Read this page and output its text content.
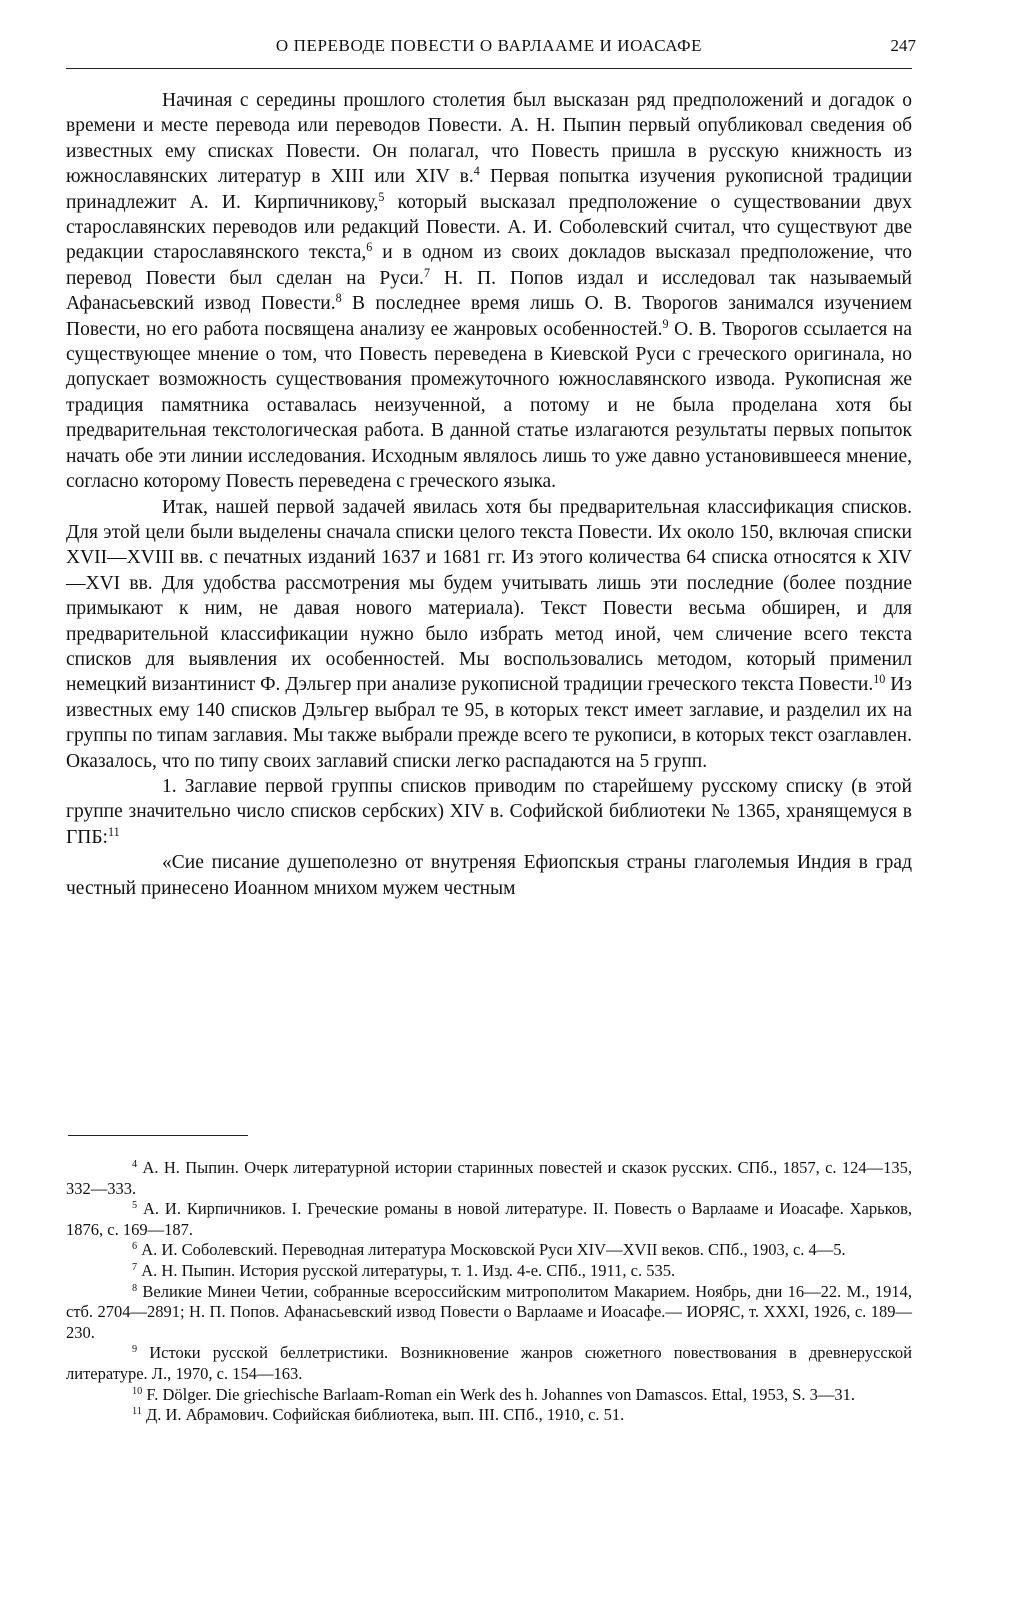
О ПЕРЕВОДЕ ПОВЕСТИ О ВАРЛААМЕ И ИОАСАФЕ	247

Начиная с середины прошлого столетия был высказан ряд предположений и догадок о времени и месте перевода или переводов Повести. А. Н. Пыпин первый опубликовал сведения об известных ему списках Повести. Он полагал, что Повесть пришла в русскую книжность из южнославянских литератур в XIII или XIV в.$^4$ Первая попытка изучения рукописной традиции принадлежит А. И. Кирпичникову,$^5$ который высказал предположение о существовании двух старославянских переводов или редакций Повести. А. И. Соболевский считал, что существуют две редакции старославянского текста,$^6$ и в одном из своих докладов высказал предположение, что перевод Повести был сделан на Руси.$^7$ Н. П. Попов издал и исследовал так называемый Афанасьевский извод Повести.$^8$ В последнее время лишь О. В. Творогов занимался изучением Повести, но его работа посвящена анализу ее жанровых особенностей.$^9$ О. В. Творогов ссылается на существующее мнение о том, что Повесть переведена в Киевской Руси с греческого оригинала, но допускает возможность существования промежуточного южнославянского извода. Рукописная же традиция памятника оставалась неизученной, а потому и не была проделана хотя бы предварительная текстологическая работа. В данной статье излагаются результаты первых попыток начать обе эти линии исследования. Исходным являлось лишь то уже давно установившееся мнение, согласно которому Повесть переведена с греческого языка.

Итак, нашей первой задачей явилась хотя бы предварительная классификация списков. Для этой цели были выделены сначала списки целого текста Повести. Их около 150, включая списки XVII—XVIII вв. с печатных изданий 1637 и 1681 гг. Из этого количества 64 списка относятся к XIV—XVI вв. Для удобства рассмотрения мы будем учитывать лишь эти последние (более поздние примыкают к ним, не давая нового материала). Текст Повести весьма обширен, и для предварительной классификации нужно было избрать метод иной, чем сличение всего текста списков для выявления их особенностей. Мы воспользовались методом, который применил немецкий византинист Ф. Дэльгер при анализе рукописной традиции греческого текста Повести.$^{10}$ Из известных ему 140 списков Дэльгер выбрал те 95, в которых текст имеет заглавие, и разделил их на группы по типам заглавия. Мы также выбрали прежде всего те рукописи, в которых текст озаглавлен. Оказалось, что по типу своих заглавий списки легко распадаются на 5 групп.

1. Заглавие первой группы списков приводим по старейшему русскому списку (в этой группе значительно число списков сербских) XIV в. Софийской библиотеки № 1365, хранящемуся в ГПБ:$^{11}$

«Сие писание душеполезно от внутреняя Ефиопскыя страны глаголемыя Индия в град честный принесено Иоанном мнихом мужем честным

$^4$ А. Н. Пыпин. Очерк литературной истории старинных повестей и сказок русских. СПб., 1857, с. 124—135, 332—333.

$^5$ А. И. Кирпичников. I. Греческие романы в новой литературе. II. Повесть о Варлааме и Иоасафе. Харьков, 1876, с. 169—187.

$^6$ А. И. Соболевский. Переводная литература Московской Руси XIV—XVII веков. СПб., 1903, с. 4—5.

$^7$ А. Н. Пыпин. История русской литературы, т. 1. Изд. 4-е. СПб., 1911, с. 535.

$^8$ Великие Минеи Четии, собранные всероссийским митрополитом Макарием. Ноябрь, дни 16—22. М., 1914, стб. 2704—2891; Н. П. Попов. Афанасьевский извод Повести о Варлааме и Иоасафе.— ИОРЯС, т. XXXI, 1926, с. 189—230.

$^9$ Истоки русской беллетристики. Возникновение жанров сюжетного повествования в древнерусской литературе. Л., 1970, с. 154—163.

$^{10}$ F. Dölger. Die griechische Barlaam-Roman ein Werk des h. Johannes von Damascos. Ettal, 1953, S. 3—31.

$^{11}$ Д. И. Абрамович. Софийская библиотека, вып. III. СПб., 1910, с. 51.
